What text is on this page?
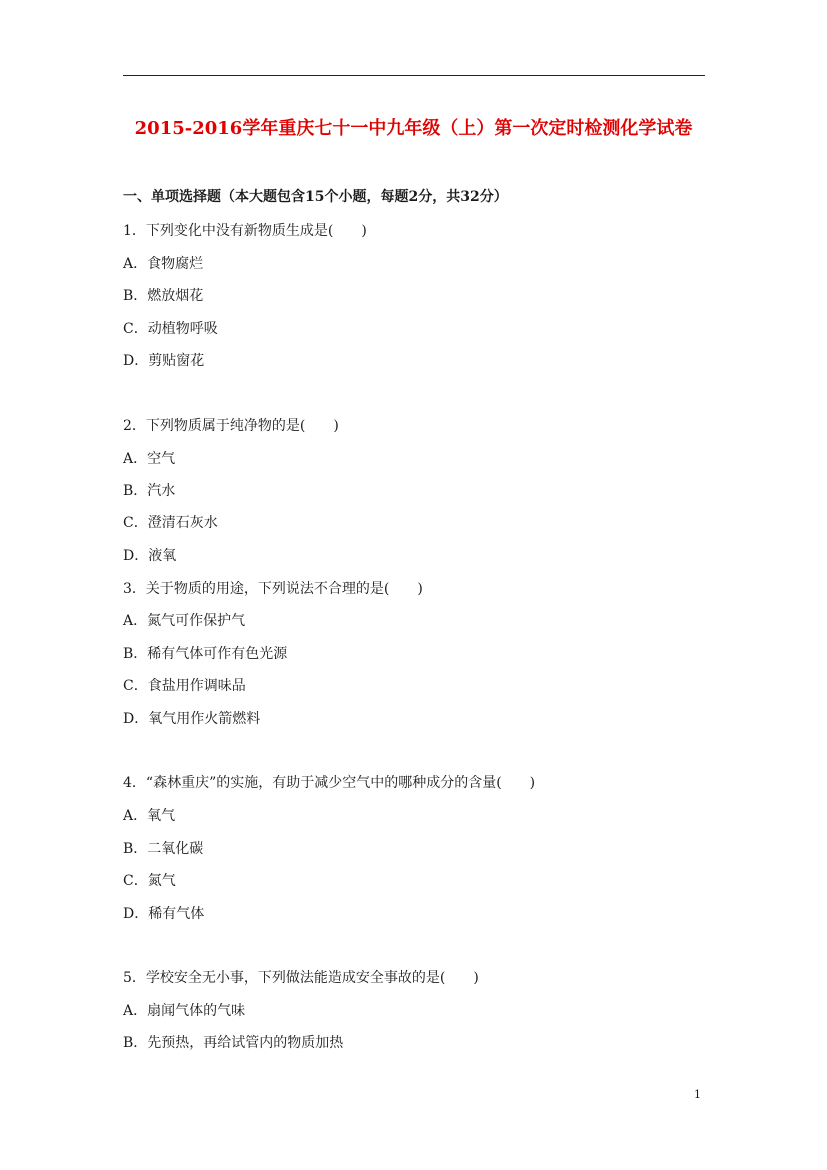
2015-2016学年重庆七十一中九年级（上）第一次定时检测化学试卷
一、单项选择题（本大题包含15个小题，每题2分，共32分）
1．下列变化中没有新物质生成是(　　)
A．食物腐烂
B．燃放烟花
C．动植物呼吸
D．剪贴窗花
2．下列物质属于纯净物的是(　　)
A．空气
B．汽水
C．澄清石灰水
D．液氧
3．关于物质的用途，下列说法不合理的是(　　)
A．氮气可作保护气
B．稀有气体可作有色光源
C．食盐用作调味品
D．氧气用作火箭燃料
4．“森林重庆”的实施，有助于减少空气中的哪种成分的含量(　　)
A．氧气
B．二氧化碳
C．氮气
D．稀有气体
5．学校安全无小事，下列做法能造成安全事故的是(　　)
A．扇闻气体的气味
B．先预热，再给试管内的物质加热
1
